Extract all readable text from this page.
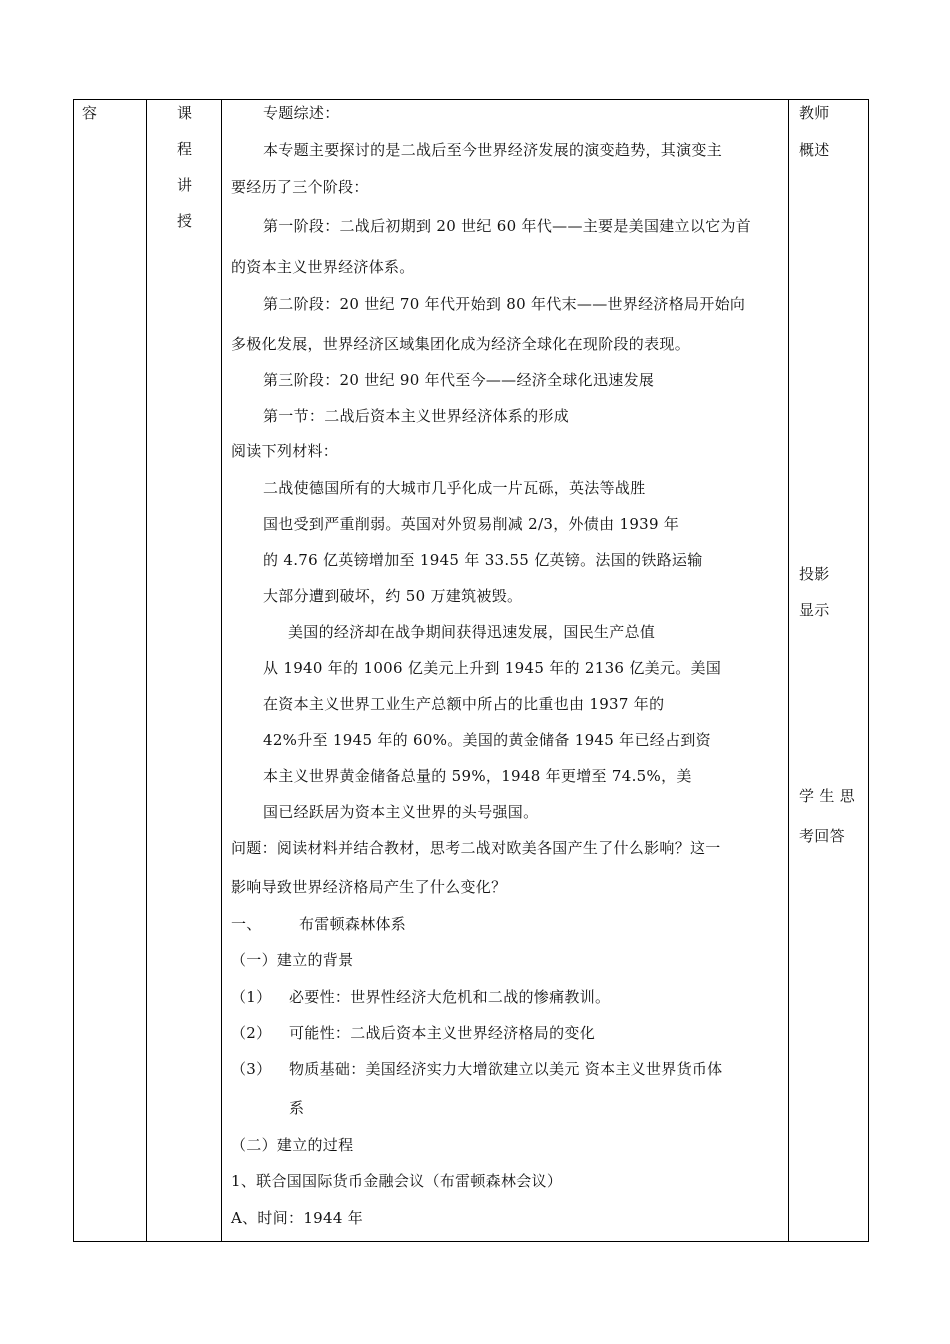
容	课
程
讲
授
教师
概述
投影
显示
学 生 思
考回答
专题综述：
本专题主要探讨的是二战后至今世界经济发展的演变趋势，其演变主
要经历了三个阶段：
第一阶段：二战后初期到 20 世纪 60 年代——主要是美国建立以它为首
的资本主义世界经济体系。
第二阶段：20 世纪 70 年代开始到 80 年代末——世界经济格局开始向
多极化发展，世界经济区域集团化成为经济全球化在现阶段的表现。
第三阶段：20 世纪 90 年代至今——经济全球化迅速发展
第一节：二战后资本主义世界经济体系的形成
阅读下列材料：
二战使德国所有的大城市几乎化成一片瓦砾，英法等战胜
国也受到严重削弱。英国对外贸易削减 2/3，外债由 1939 年
的 4.76 亿英镑增加至 1945 年 33.55 亿英镑。法国的铁路运输
大部分遭到破坏，约 50 万建筑被毁。
美国的经济却在战争期间获得迅速发展，国民生产总值
从 1940 年的 1006 亿美元上升到 1945 年的 2136 亿美元。美国
在资本主义世界工业生产总额中所占的比重也由 1937 年的
42%升至 1945 年的 60%。美国的黄金储备 1945 年已经占到资
本主义世界黄金储备总量的 59%，1948 年更增至 74.5%，美
国已经跃居为资本主义世界的头号强国。
问题：阅读材料并结合教材，思考二战对欧美各国产生了什么影响？这一
影响导致世界经济格局产生了什么变化？
一、 布雷顿森林体系
（一）建立的背景
（1） 必要性：世界性经济大危机和二战的惨痛教训。
（2） 可能性：二战后资本主义世界经济格局的变化
（3） 物质基础：美国经济实力大增欲建立以美元 资本主义世界货币体
系
（二）建立的过程
1、联合国国际货币金融会议（布雷顿森林会议）
A、时间：1944 年
